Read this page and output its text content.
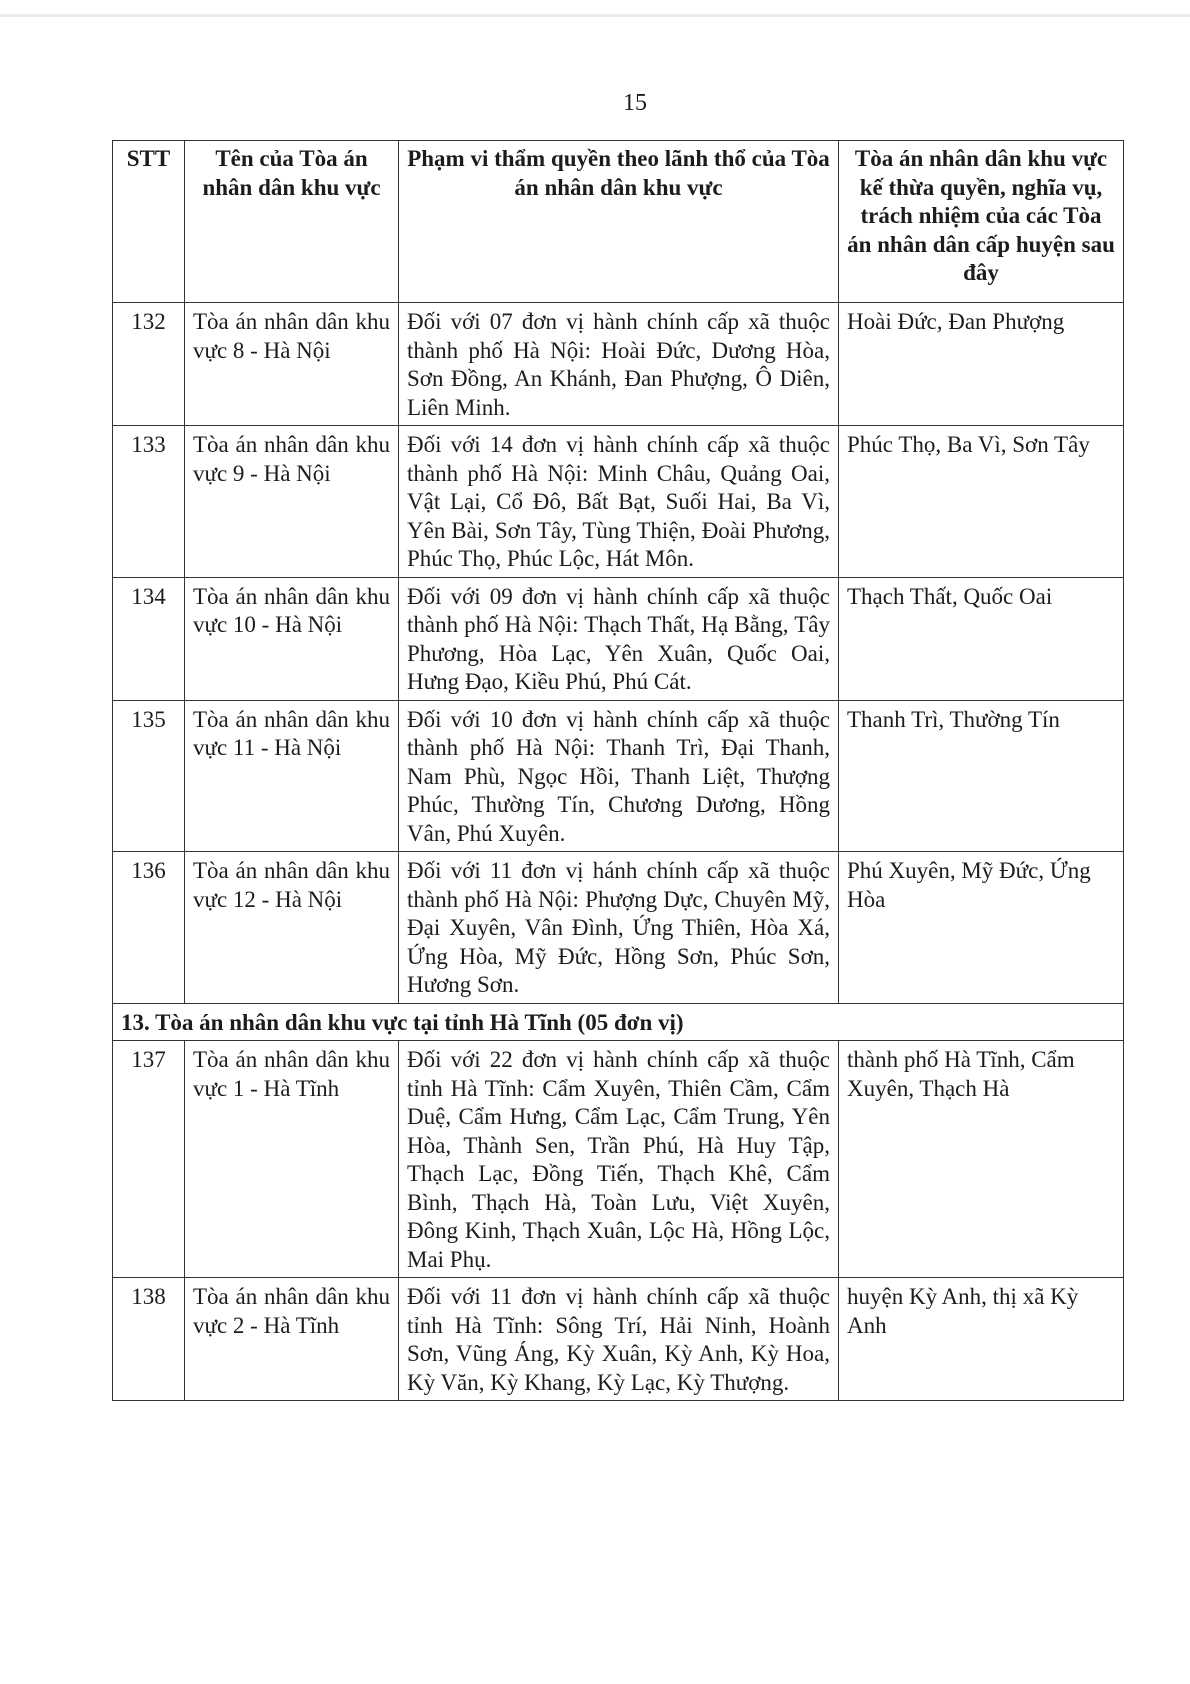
15
STT	Tên của Tòa án nhân dân khu vực	Phạm vi thẩm quyền theo lãnh thổ của Tòa án nhân dân khu vực	Tòa án nhân dân khu vực kế thừa quyền, nghĩa vụ, trách nhiệm của các Tòa án nhân dân cấp huyện sau đây
132	Tòa án nhân dân khu vực 8 - Hà Nội	Đối với 07 đơn vị hành chính cấp xã thuộc thành phố Hà Nội: Hoài Đức, Dương Hòa, Sơn Đồng, An Khánh, Đan Phượng, Ô Diên, Liên Minh.	Hoài Đức, Đan Phượng
133	Tòa án nhân dân khu vực 9 - Hà Nội	Đối với 14 đơn vị hành chính cấp xã thuộc thành phố Hà Nội: Minh Châu, Quảng Oai, Vật Lại, Cổ Đô, Bất Bạt, Suối Hai, Ba Vì, Yên Bài, Sơn Tây, Tùng Thiện, Đoài Phương, Phúc Thọ, Phúc Lộc, Hát Môn.	Phúc Thọ, Ba Vì, Sơn Tây
134	Tòa án nhân dân khu vực 10 - Hà Nội	Đối với 09 đơn vị hành chính cấp xã thuộc thành phố Hà Nội: Thạch Thất, Hạ Bằng, Tây Phương, Hòa Lạc, Yên Xuân, Quốc Oai, Hưng Đạo, Kiều Phú, Phú Cát.	Thạch Thất, Quốc Oai
135	Tòa án nhân dân khu vực 11 - Hà Nội	Đối với 10 đơn vị hành chính cấp xã thuộc thành phố Hà Nội: Thanh Trì, Đại Thanh, Nam Phù, Ngọc Hồi, Thanh Liệt, Thượng Phúc, Thường Tín, Chương Dương, Hồng Vân, Phú Xuyên.	Thanh Trì, Thường Tín
136	Tòa án nhân dân khu vực 12 - Hà Nội	Đối với 11 đơn vị hánh chính cấp xã thuộc thành phố Hà Nội: Phượng Dực, Chuyên Mỹ, Đại Xuyên, Vân Đình, Ứng Thiên, Hòa Xá, Ứng Hòa, Mỹ Đức, Hồng Sơn, Phúc Sơn, Hương Sơn.	Phú Xuyên, Mỹ Đức, Ứng Hòa
13. Tòa án nhân dân khu vực tại tỉnh Hà Tĩnh (05 đơn vị)			
137	Tòa án nhân dân khu vực 1 - Hà Tĩnh	Đối với 22 đơn vị hành chính cấp xã thuộc tỉnh Hà Tĩnh: Cẩm Xuyên, Thiên Cầm, Cẩm Duệ, Cẩm Hưng, Cẩm Lạc, Cẩm Trung, Yên Hòa, Thành Sen, Trần Phú, Hà Huy Tập, Thạch Lạc, Đồng Tiến, Thạch Khê, Cẩm Bình, Thạch Hà, Toàn Lưu, Việt Xuyên, Đông Kinh, Thạch Xuân, Lộc Hà, Hồng Lộc, Mai Phụ.	thành phố Hà Tĩnh, Cẩm Xuyên, Thạch Hà
138	Tòa án nhân dân khu vực 2 - Hà Tĩnh	Đối với 11 đơn vị hành chính cấp xã thuộc tỉnh Hà Tĩnh: Sông Trí, Hải Ninh, Hoành Sơn, Vũng Áng, Kỳ Xuân, Kỳ Anh, Kỳ Hoa, Kỳ Văn, Kỳ Khang, Kỳ Lạc, Kỳ Thượng.	huyện Kỳ Anh, thị xã Kỳ Anh
